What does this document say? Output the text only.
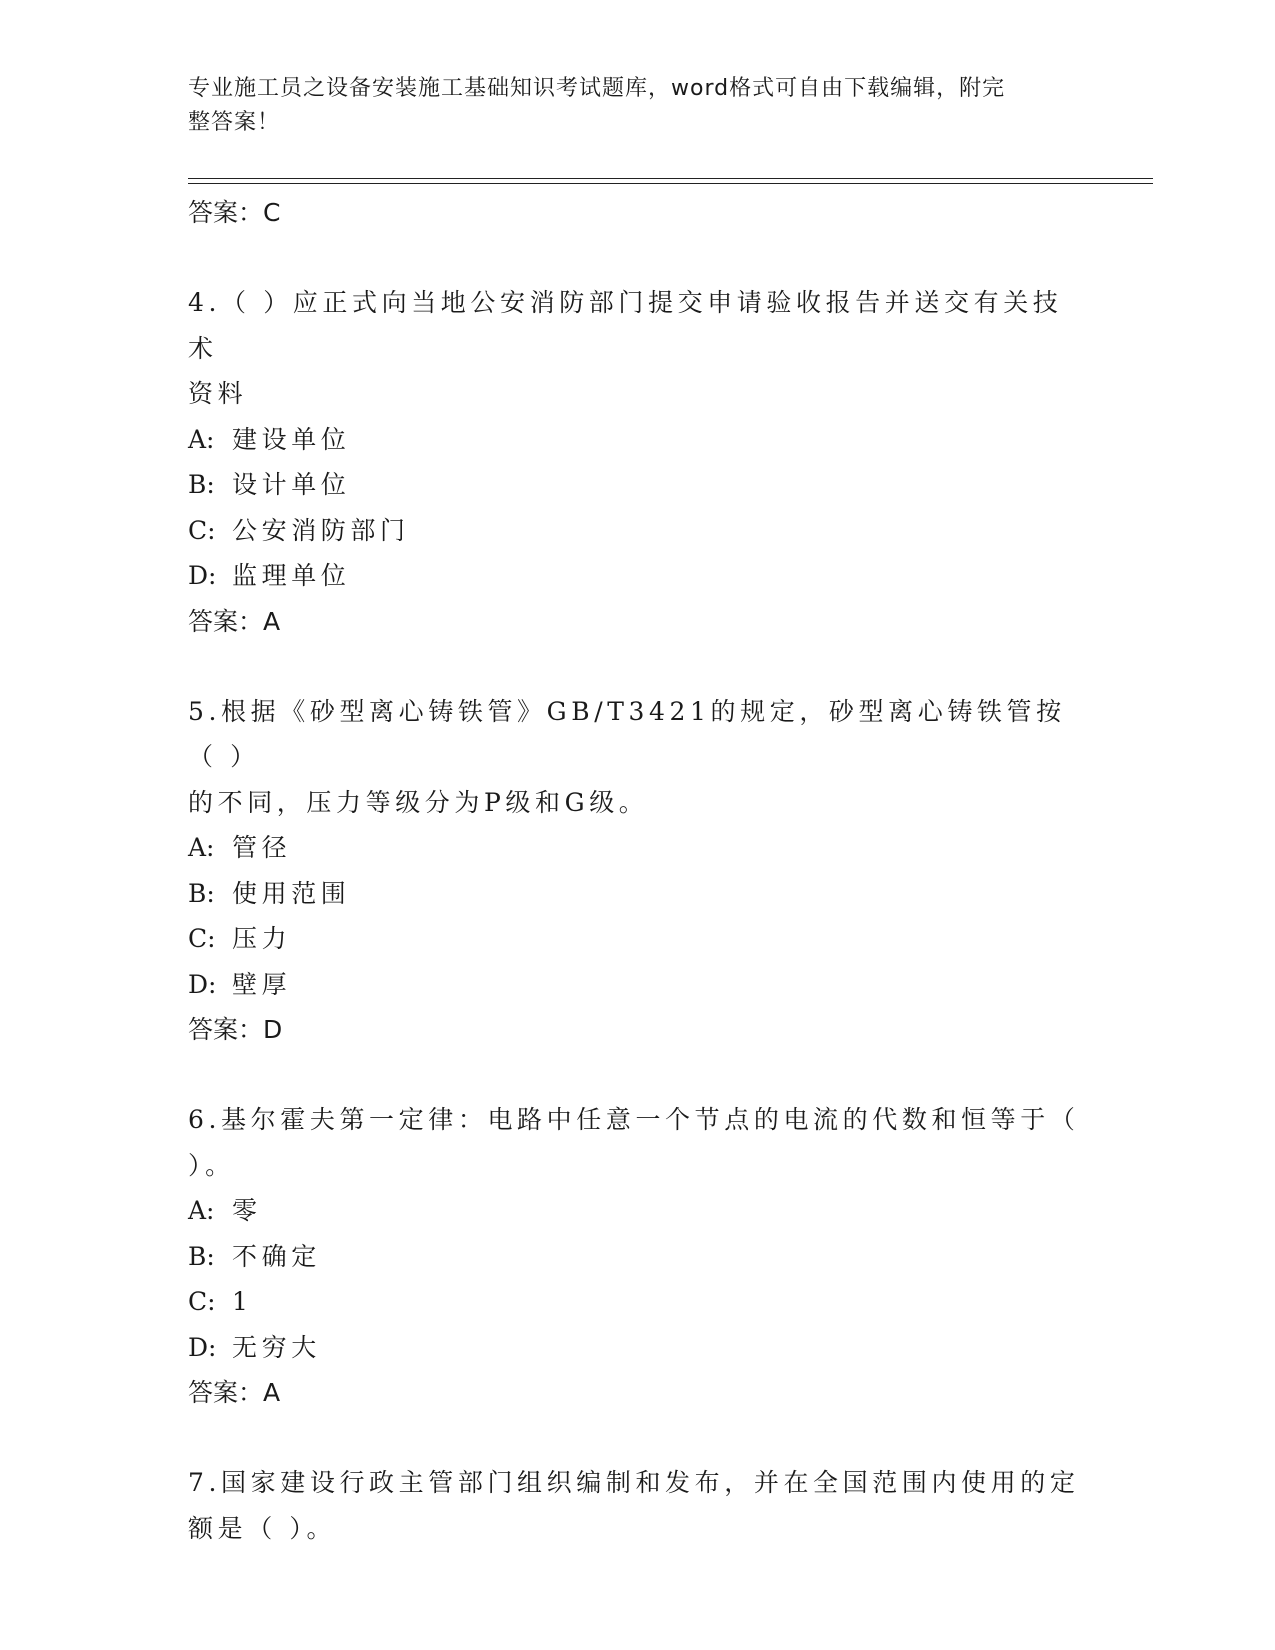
专业施工员之设备安装施工基础知识考试题库，word格式可自由下载编辑，附完
整答案！
答案：C
4.（ ）应正式向当地公安消防部门提交申请验收报告并送交有关技术
资料
A: 建设单位
B: 设计单位
C: 公安消防部门
D: 监理单位
答案：A
5.根据《砂型离心铸铁管》GB/T3421的规定，砂型离心铸铁管按（ ）
的不同，压力等级分为P级和G级。
A: 管径
B: 使用范围
C: 压力
D: 壁厚
答案：D
6.基尔霍夫第一定律：电路中任意一个节点的电流的代数和恒等于（
）。
A: 零
B: 不确定
C: 1
D: 无穷大
答案：A
7.国家建设行政主管部门组织编制和发布，并在全国范围内使用的定
额是（ ）。
